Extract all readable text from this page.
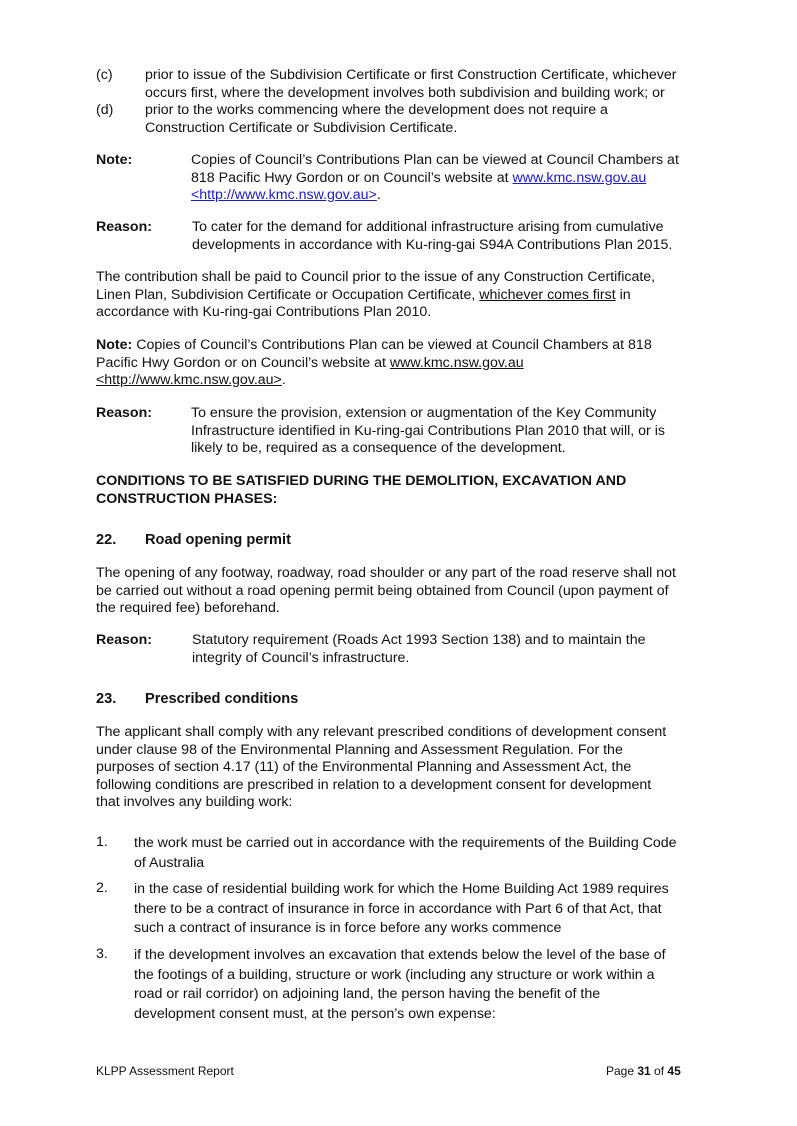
(c) prior to issue of the Subdivision Certificate or first Construction Certificate, whichever
occurs first, where the development involves both subdivision and building work; or
(d) prior to the works commencing where the development does not require a
Construction Certificate or Subdivision Certificate.
Note:	Copies of Council’s Contributions Plan can be viewed at Council Chambers at
818 Pacific Hwy Gordon or on Council’s website at www.kmc.nsw.gov.au
<http://www.kmc.nsw.gov.au>.
Reason:	To cater for the demand for additional infrastructure arising from cumulative
developments in accordance with Ku-ring-gai S94A Contributions Plan 2015.
The contribution shall be paid to Council prior to the issue of any Construction Certificate,
Linen Plan, Subdivision Certificate or Occupation Certificate, whichever comes first in
accordance with Ku-ring-gai Contributions Plan 2010.
Note: Copies of Council’s Contributions Plan can be viewed at Council Chambers at 818
Pacific Hwy Gordon or on Council’s website at www.kmc.nsw.gov.au
<http://www.kmc.nsw.gov.au>.
Reason:	To ensure the provision, extension or augmentation of the Key Community
Infrastructure identified in Ku-ring-gai Contributions Plan 2010 that will, or is
likely to be, required as a consequence of the development.
CONDITIONS TO BE SATISFIED DURING THE DEMOLITION, EXCAVATION AND
CONSTRUCTION PHASES:
22. Road opening permit
The opening of any footway, roadway, road shoulder or any part of the road reserve shall not
be carried out without a road opening permit being obtained from Council (upon payment of
the required fee) beforehand.
Reason:	Statutory requirement (Roads Act 1993 Section 138) and to maintain the
integrity of Council’s infrastructure.
23. Prescribed conditions
The applicant shall comply with any relevant prescribed conditions of development consent
under clause 98 of the Environmental Planning and Assessment Regulation. For the
purposes of section 4.17 (11) of the Environmental Planning and Assessment Act, the
following conditions are prescribed in relation to a development consent for development
that involves any building work:
1. the work must be carried out in accordance with the requirements of the Building Code
of Australia
2. in the case of residential building work for which the Home Building Act 1989 requires
there to be a contract of insurance in force in accordance with Part 6 of that Act, that
such a contract of insurance is in force before any works commence
3. if the development involves an excavation that extends below the level of the base of
the footings of a building, structure or work (including any structure or work within a
road or rail corridor) on adjoining land, the person having the benefit of the
development consent must, at the person’s own expense:
KLPP Assessment Report	Page 31 of 45
